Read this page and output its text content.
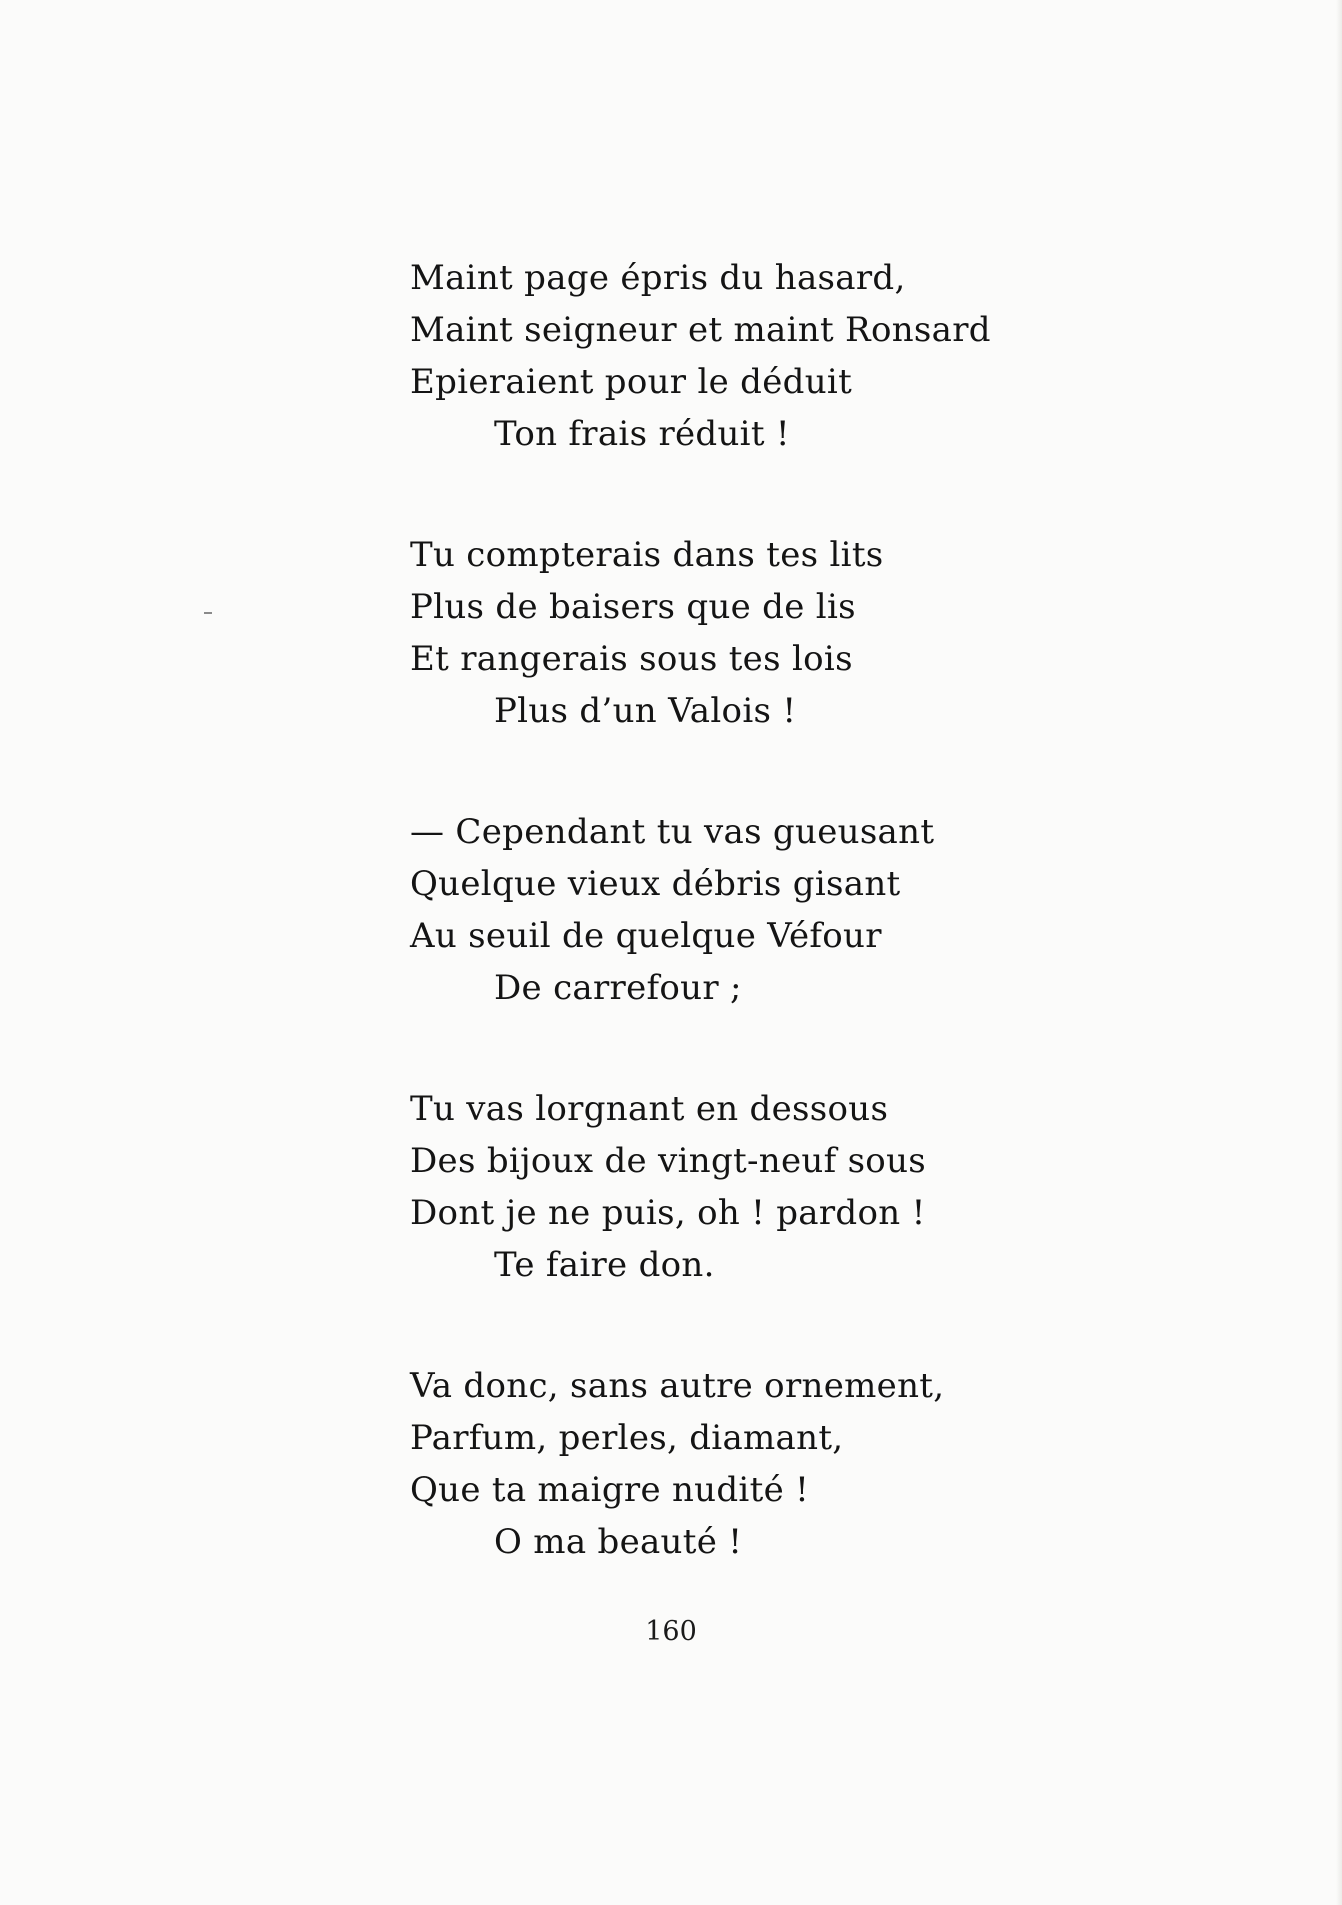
Maint page épris du hasard,
Maint seigneur et maint Ronsard
Epieraient pour le déduit
Ton frais réduit !
Tu compterais dans tes lits
Plus de baisers que de lis
Et rangerais sous tes lois
Plus d’un Valois !
— Cependant tu vas gueusant
Quelque vieux débris gisant
Au seuil de quelque Véfour
De carrefour ;
Tu vas lorgnant en dessous
Des bijoux de vingt-neuf sous
Dont je ne puis, oh ! pardon !
Te faire don.
Va donc, sans autre ornement,
Parfum, perles, diamant,
Que ta maigre nudité !
O ma beauté !
160
